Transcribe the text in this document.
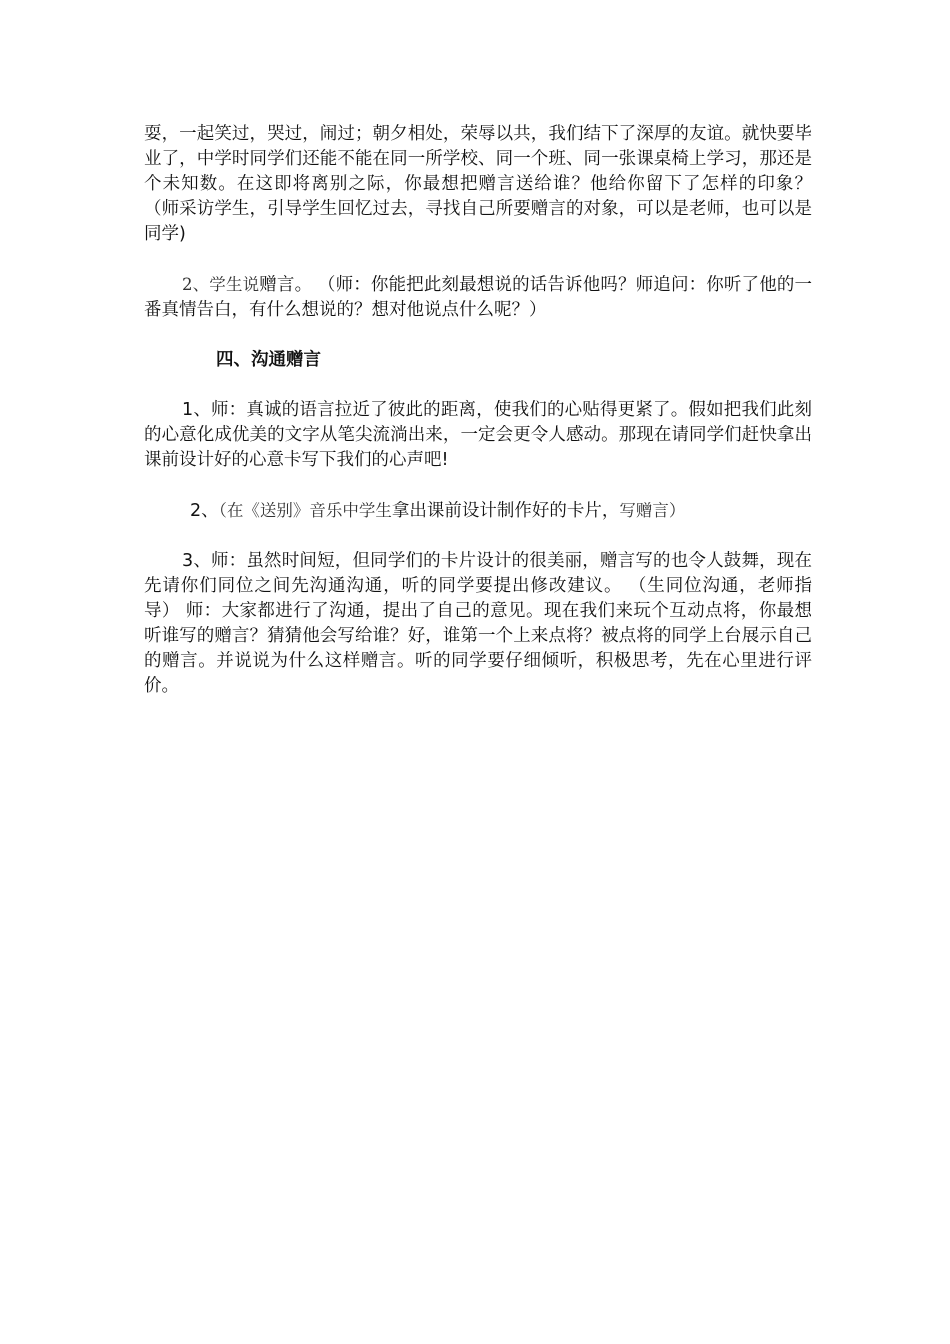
耍，一起笑过，哭过，闹过；朝夕相处，荣辱以共，我们结下了深厚的友谊。就快要毕业了，中学时同学们还能不能在同一所学校、同一个班、同一张课桌椅上学习，那还是个未知数。在这即将离别之际，你最想把赠言送给谁？他给你留下了怎样的印象？ （师采访学生，引导学生回忆过去，寻找自己所要赠言的对象，可以是老师，也可以是同学)

2、学生说赠言。 （师：你能把此刻最想说的话告诉他吗？师追问：你听了他的一番真情告白，有什么想说的？想对他说点什么呢？）

四、沟通赠言

1、师：真诚的语言拉近了彼此的距离，使我们的心贴得更紧了。假如把我们此刻的心意化成优美的文字从笔尖流淌出来，一定会更令人感动。那现在请同学们赶快拿出课前设计好的心意卡写下我们的心声吧!

2、（在《送别》音乐中学生拿出课前设计制作好的卡片，写赠言）

3、师：虽然时间短，但同学们的卡片设计的很美丽，赠言写的也令人鼓舞，现在先请你们同位之间先沟通沟通，听的同学要提出修改建议。 （生同位沟通，老师指导） 师：大家都进行了沟通，提出了自己的意见。现在我们来玩个互动点将，你最想听谁写的赠言？猜猜他会写给谁？好，谁第一个上来点将？被点将的同学上台展示自己的赠言。并说说为什么这样赠言。听的同学要仔细倾听，积极思考，先在心里进行评价。
